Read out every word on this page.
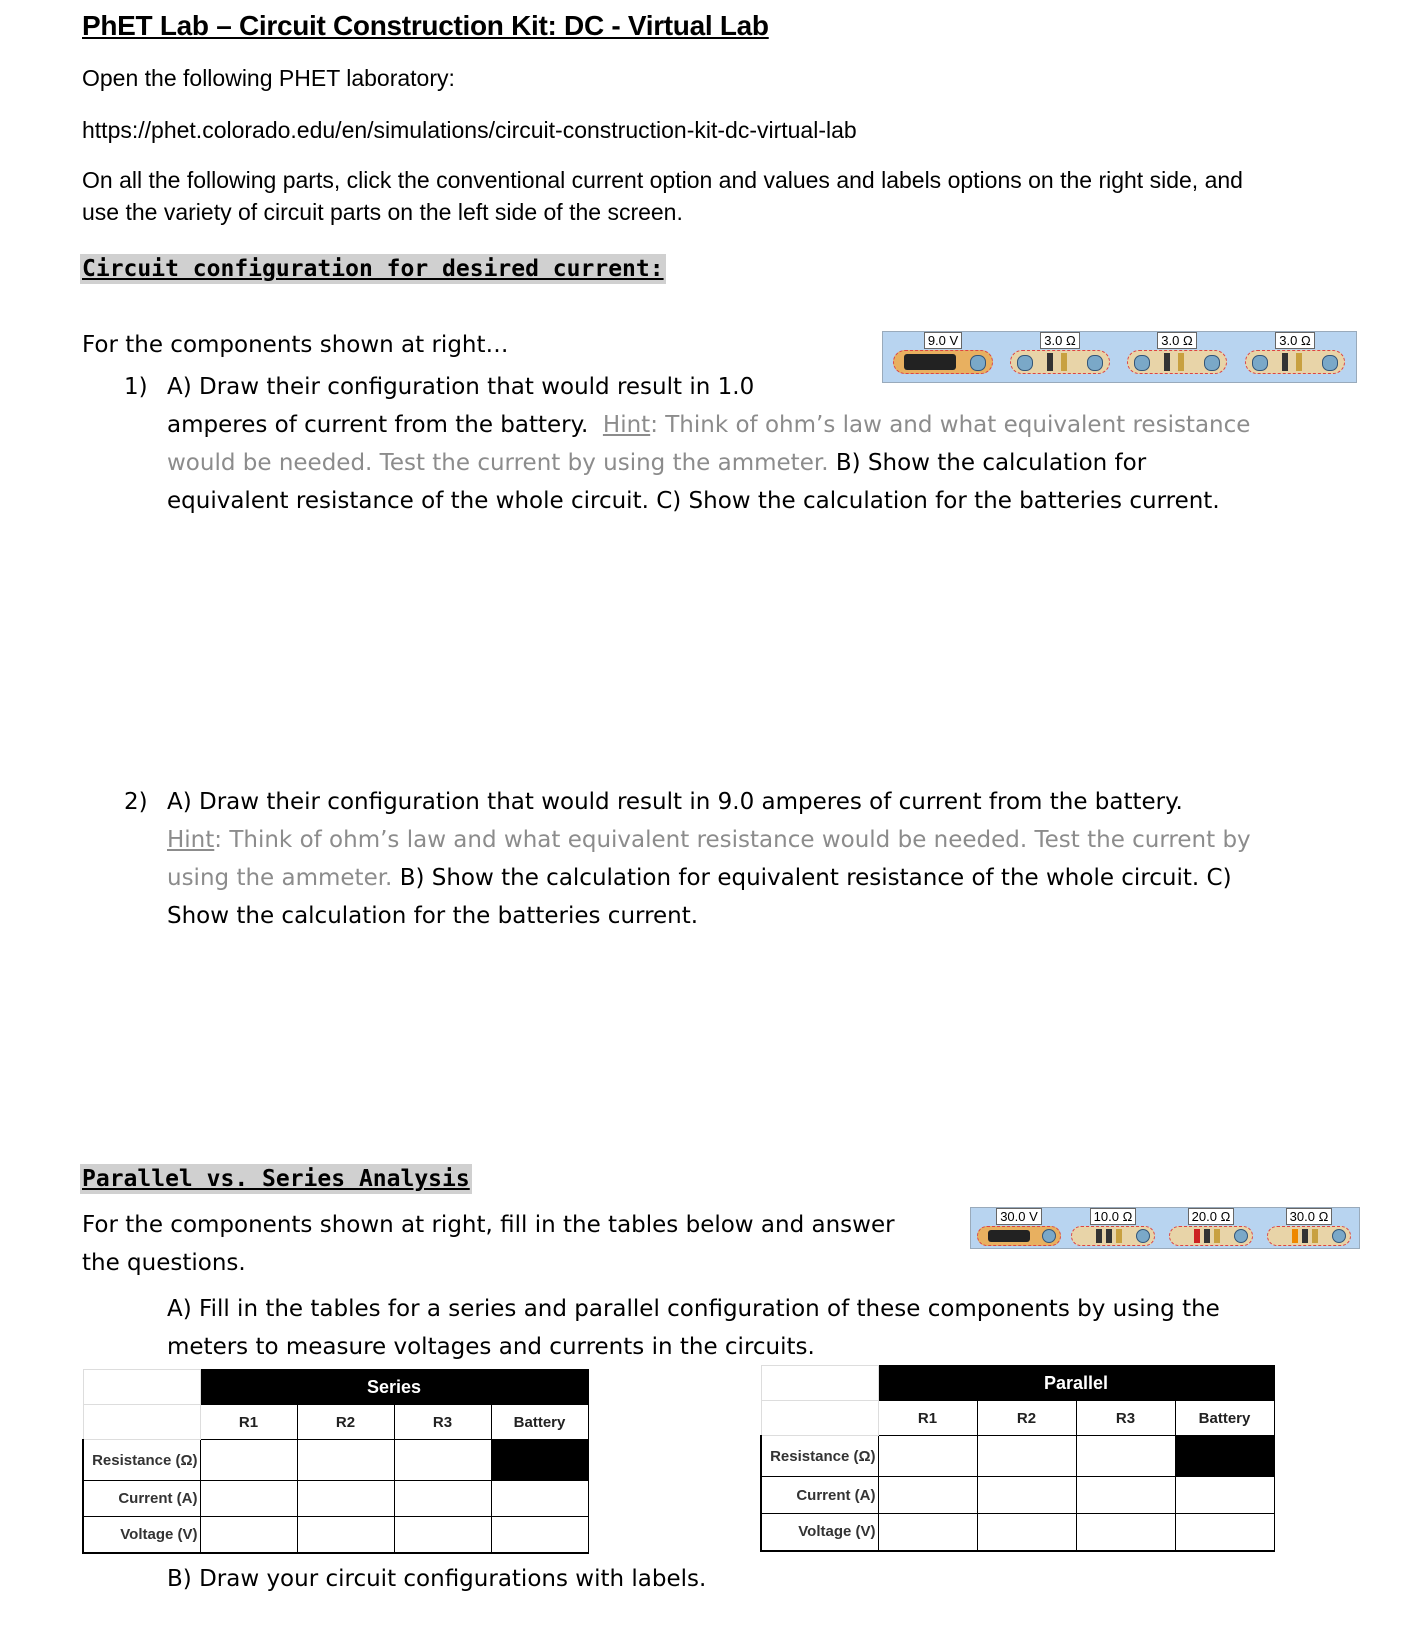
PhET Lab – Circuit Construction Kit: DC - Virtual Lab
Open the following PHET laboratory:
https://phet.colorado.edu/en/simulations/circuit-construction-kit-dc-virtual-lab
On all the following parts, click the conventional current option and values and labels options on the right side, and
use the variety of circuit parts on the left side of the screen.
Circuit configuration for desired current:
For the components shown at right…	9.0 V	3.0 Ω	3.0 Ω	3.0 Ω
1) A) Draw their configuration that would result in 1.0
amperes of current from the battery. Hint: Think of ohm’s law and what equivalent resistance
would be needed. Test the current by using the ammeter. B) Show the calculation for
equivalent resistance of the whole circuit. C) Show the calculation for the batteries current.
2) A) Draw their configuration that would result in 9.0 amperes of current from the battery.
Hint: Think of ohm’s law and what equivalent resistance would be needed. Test the current by
using the ammeter. B) Show the calculation for equivalent resistance of the whole circuit. C)
Show the calculation for the batteries current.
Parallel vs. Series Analysis
For the components shown at right, fill in the tables below and answer
the questions.
30.0 V	10.0 Ω	20.0 Ω	30.0 Ω
A) Fill in the tables for a series and parallel configuration of these components by using the
meters to measure voltages and currents in the circuits.
	Series			
	R1	R2	R3	Battery
Resistance (Ω)				
Current (A)				
Voltage (V)				
	Parallel			
	R1	R2	R3	Battery
Resistance (Ω)				
Current (A)				
Voltage (V)				
B) Draw your circuit configurations with labels.
